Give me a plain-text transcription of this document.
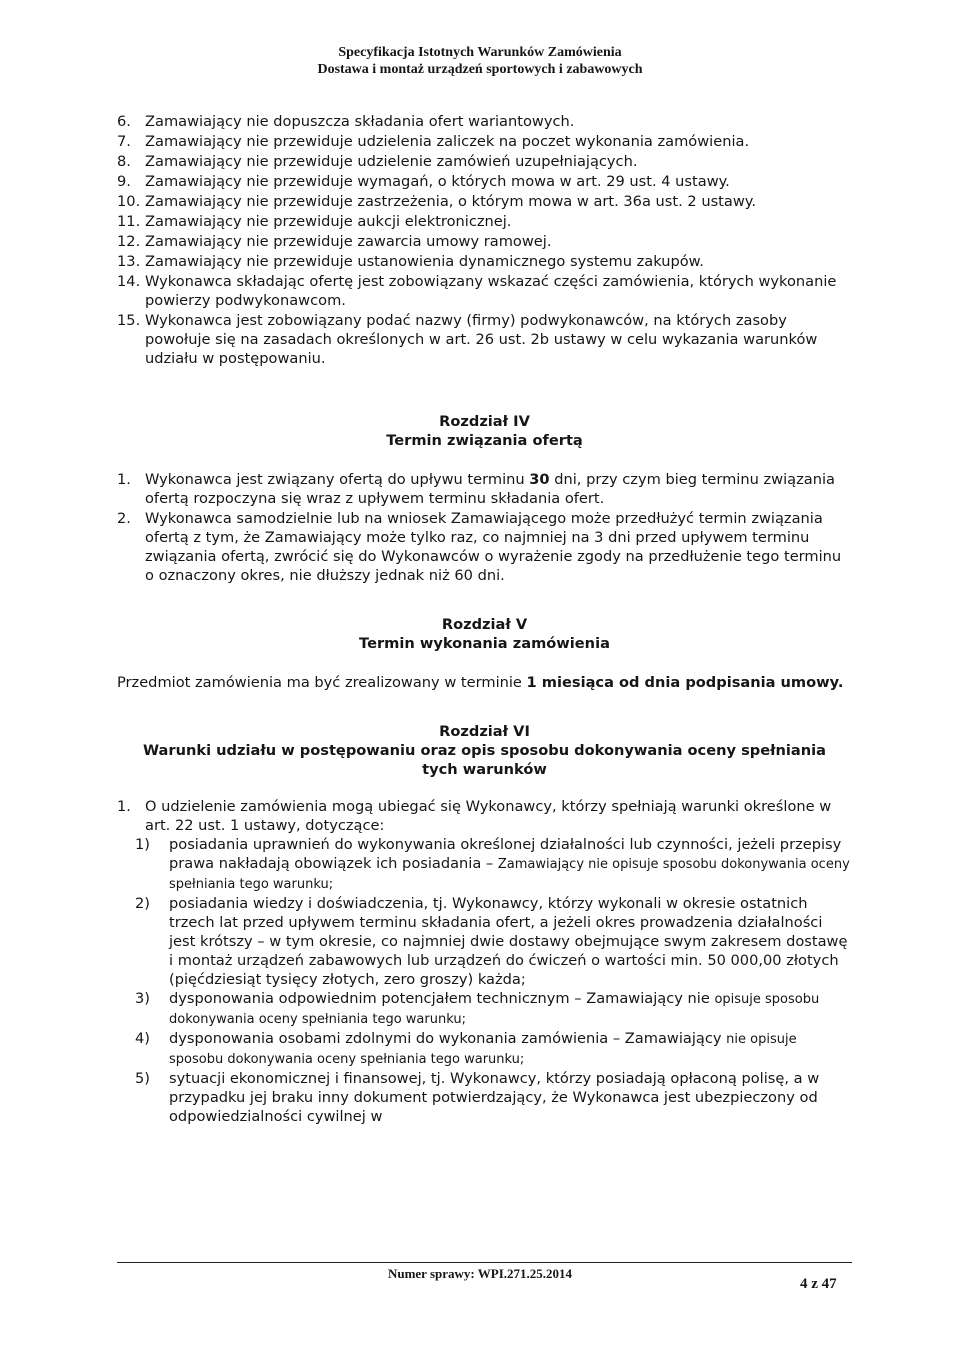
Specyfikacja Istotnych Warunków Zamówienia
Dostawa i montaż urządzeń sportowych i zabawowych
6. Zamawiający nie dopuszcza składania ofert wariantowych.
7. Zamawiający nie przewiduje udzielenia zaliczek na poczet wykonania zamówienia.
8. Zamawiający nie przewiduje udzielenie zamówień uzupełniających.
9. Zamawiający nie przewiduje wymagań, o których mowa w art. 29 ust. 4 ustawy.
10. Zamawiający nie przewiduje zastrzeżenia, o którym mowa w art. 36a ust. 2 ustawy.
11. Zamawiający nie przewiduje aukcji elektronicznej.
12. Zamawiający nie przewiduje zawarcia umowy ramowej.
13. Zamawiający nie przewiduje ustanowienia dynamicznego systemu zakupów.
14. Wykonawca składając ofertę jest zobowiązany wskazać części zamówienia, których wykonanie powierzy podwykonawcom.
15. Wykonawca jest zobowiązany podać nazwy (firmy) podwykonawców, na których zasoby powołuje się na zasadach określonych w art. 26 ust. 2b ustawy w celu wykazania warunków udziału w postępowaniu.

Rozdział IV

Termin związania ofertą

1. Wykonawca jest związany ofertą do upływu terminu 30 dni, przy czym bieg terminu związania ofertą rozpoczyna się wraz z upływem terminu składania ofert.
2. Wykonawca samodzielnie lub na wniosek Zamawiającego może przedłużyć termin związania ofertą z tym, że Zamawiający może tylko raz, co najmniej na 3 dni przed upływem terminu związania ofertą, zwrócić się do Wykonawców o wyrażenie zgody na przedłużenie tego terminu o oznaczony okres, nie dłuższy jednak niż 60 dni.

Rozdział V

Termin wykonania zamówienia

Przedmiot zamówienia ma być zrealizowany w terminie 1 miesiąca od dnia podpisania umowy.

Rozdział VI

Warunki udziału w postępowaniu oraz opis sposobu dokonywania oceny spełniania tych warunków

1. O udzielenie zamówienia mogą ubiegać się Wykonawcy, którzy spełniają warunki określone w art. 22 ust. 1 ustawy, dotyczące:
1) posiadania uprawnień do wykonywania określonej działalności lub czynności, jeżeli przepisy prawa nakładają obowiązek ich posiadania – Zamawiający nie opisuje sposobu dokonywania oceny spełniania tego warunku;
2) posiadania wiedzy i doświadczenia, tj. Wykonawcy, którzy wykonali w okresie ostatnich trzech lat przed upływem terminu składania ofert, a jeżeli okres prowadzenia działalności jest krótszy – w tym okresie, co najmniej dwie dostawy obejmujące swym zakresem dostawę i montaż urządzeń zabawowych lub urządzeń do ćwiczeń o wartości min. 50 000,00 złotych (pięćdziesiąt tysięcy złotych, zero groszy) każda;
3) dysponowania odpowiednim potencjałem technicznym – Zamawiający nie opisuje sposobu dokonywania oceny spełniania tego warunku;
4) dysponowania osobami zdolnymi do wykonania zamówienia – Zamawiający nie opisuje sposobu dokonywania oceny spełniania tego warunku;
5) sytuacji ekonomicznej i finansowej, tj. Wykonawcy, którzy posiadają opłaconą polisę, a w przypadku jej braku inny dokument potwierdzający, że Wykonawca jest ubezpieczony od odpowiedzialności cywilnej w
Numer sprawy: WPI.271.25.2014
4 z 47
